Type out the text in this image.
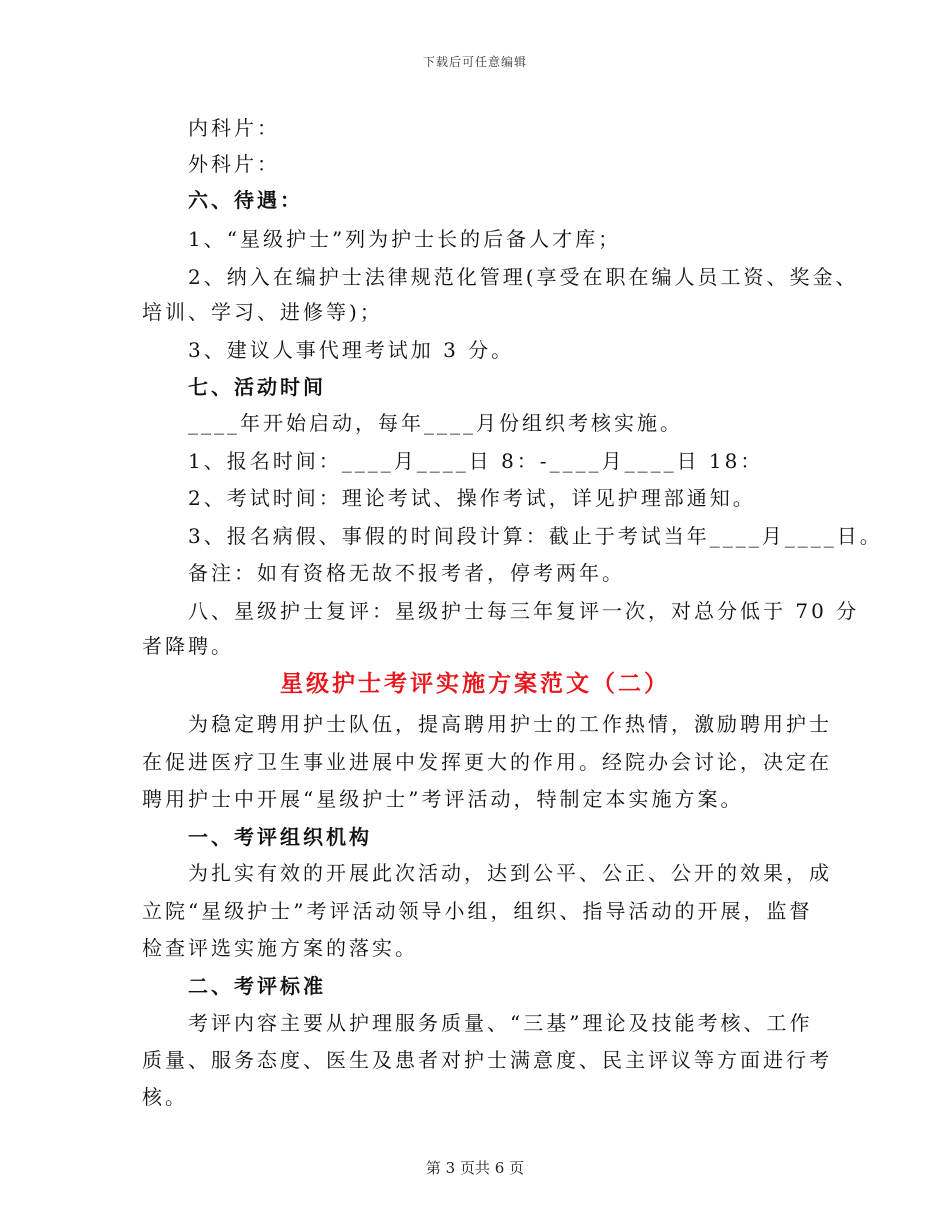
下载后可任意编辑
内科片：
外科片：
六、待遇：
1、“星级护士”列为护士长的后备人才库；
2、纳入在编护士法律规范化管理(享受在职在编人员工资、奖金、
培训、学习、进修等)；
3、建议人事代理考试加 3 分。
七、活动时间
____年开始启动，每年____月份组织考核实施。
1、报名时间：____月____日 8：-____月____日 18：
2、考试时间：理论考试、操作考试，详见护理部通知。
3、报名病假、事假的时间段计算：截止于考试当年____月____日。
备注：如有资格无故不报考者，停考两年。
八、星级护士复评：星级护士每三年复评一次，对总分低于 70 分
者降聘。
星级护士考评实施方案范文（二）
为稳定聘用护士队伍，提高聘用护士的工作热情，激励聘用护士
在促进医疗卫生事业进展中发挥更大的作用。经院办会讨论，决定在
聘用护士中开展“星级护士”考评活动，特制定本实施方案。
一、考评组织机构
为扎实有效的开展此次活动，达到公平、公正、公开的效果，成
立院“星级护士”考评活动领导小组，组织、指导活动的开展，监督
检查评选实施方案的落实。
二、考评标准
考评内容主要从护理服务质量、“三基”理论及技能考核、工作
质量、服务态度、医生及患者对护士满意度、民主评议等方面进行考
核。
第 3 页共 6 页
